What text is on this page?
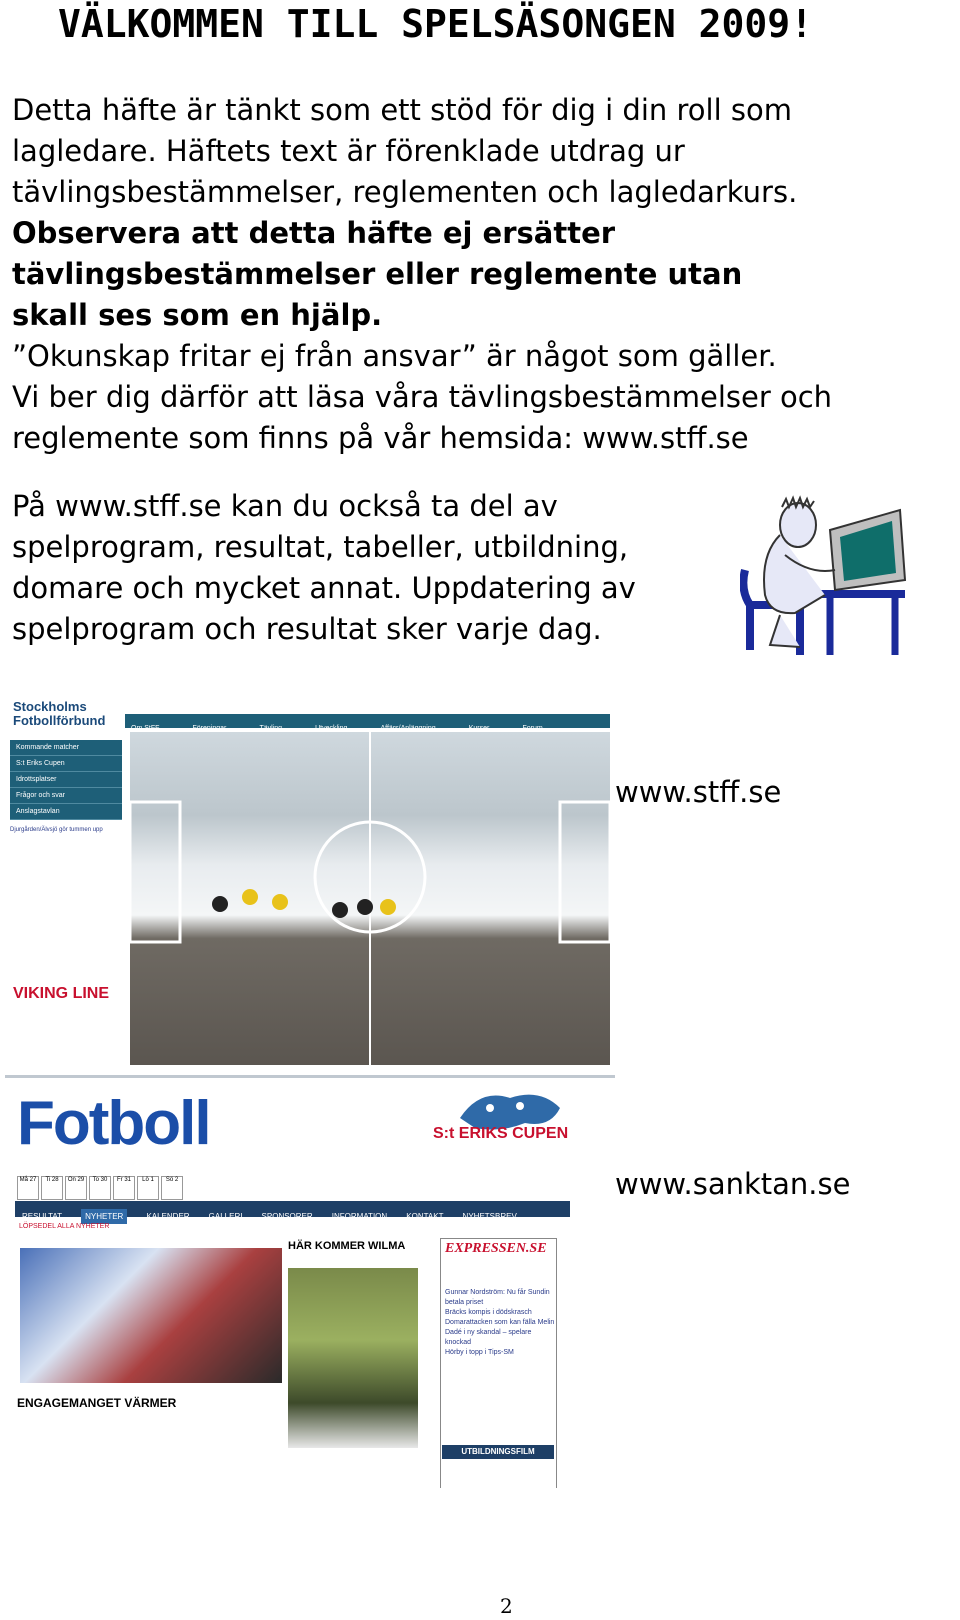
VÄLKOMMEN TILL SPELSÄSONGEN 2009!
Detta häfte är tänkt som ett stöd för dig i din roll som
lagledare. Häftets text är förenklade utdrag ur
tävlingsbestämmelser, reglementen och lagledarkurs.
Observera att detta häfte ej ersätter
tävlingsbestämmelser eller reglemente utan
skall ses som en hjälp.
”Okunskap fritar ej från ansvar” är något som gäller.
Vi ber dig därför att läsa våra tävlingsbestämmelser och
reglemente som finns på vår hemsida: www.stff.se
På www.stff.se kan du också ta del av
spelprogram, resultat, tabeller, utbildning,
domare och mycket annat. Uppdatering av
spelprogram och resultat sker varje dag.
Stockholms Fotbollförbund
Kommande matcher
S:t Eriks Cupen
Idrottsplatser
Frågor och svar
Anslagstavlan
Djurgården/Älvsjö gör tummen upp
VIKING LINE
Om StFF	Föreningar	Tävling	Utveckling	Affärs/Anläggning	Kurser	Forum
www.stff.se
Fotboll	S:t ERIKS CUPEN
Må 27 Ti 28 On 29 To 30 Fr 31 Lö 1 Sö 2
RESULTAT	NYHETER	KALENDER GALLERI SPONSORER INFORMATION KONTAKT NYHETSBREV
LÖPSEDEL ALLA NYHETER
ENGAGEMANGET VÄRMER
HÄR KOMMER WILMA	EXPRESSEN.SE
Gunnar Nordström: Nu får Sundin betala priset
Bräcks kompis i dödskrasch
Domarattacken som kan fälla Melin
Dadé i ny skandal – spelare knockad
Hörby i topp i Tips-SM
UTBILDNINGSFILM
www.sanktan.se
2
